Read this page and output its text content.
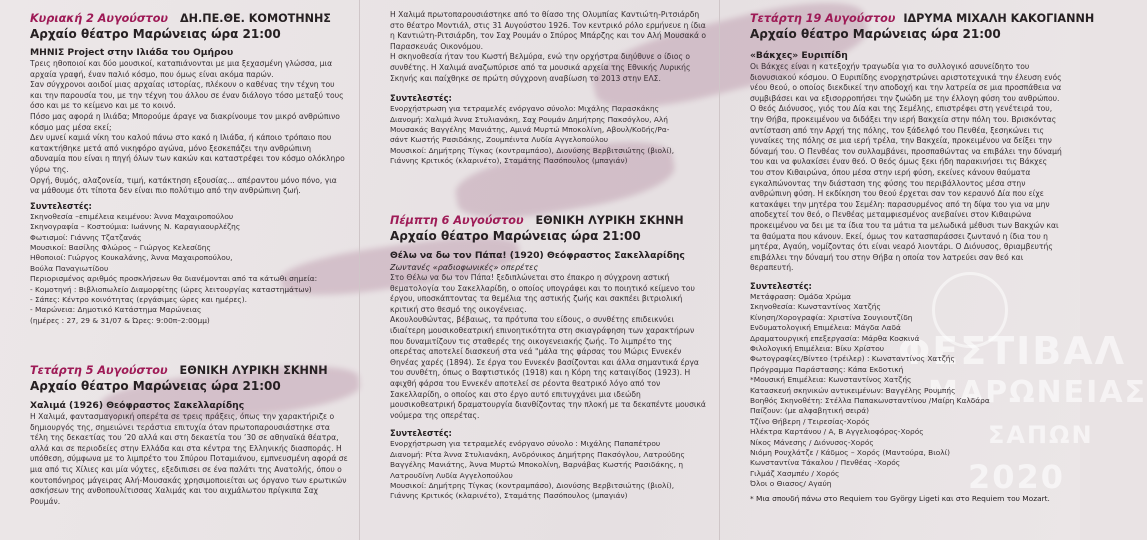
Κυριακή 2 Αυγούστου ΔΗ.ΠΕ.ΘΕ. ΚΟΜΟΤΗΝΗΣ
Αρχαίο θέατρο Μαρώνειας ώρα 21:00
ΜΗΝΙΣ Project στην Ιλιάδα του Ομήρου

Τρεις ηθοποιοί και δύο μουσικοί, καταπιάνονται με μια ξεχασμένη γλώσσα, μια αρχαία γραφή, έναν παλιό κόσμο, που όμως είναι ακόμα παρών.

Σαν σύγχρονοι αοιδοί μιας αρχαίας ιστορίας, πλέκουν ο καθένας την τέχνη του και την παρουσία του, με την τέχνη του άλλου σε έναν διάλογο τόσο μεταξύ τους όσο και με το κείμενο και με το κοινό.

Πόσο μας αφορά η Ιλιάδα; Μπορούμε άραγε να διακρίνουμε τον μικρό ανθρώπινο κόσμο μας μέσα εκεί;

Δεν υμνεί καμιά νίκη του καλού πάνω στο κακό η Ιλιάδα, ή κάποιο τρόπαιο που κατακτήθηκε μετά από νικηφόρο αγώνα, μόνο ξεσκεπάζει την ανθρώπινη αδυναμία που είναι η πηγή όλων των κακών και καταστρέφει τον κόσμο ολόκληρο γύρω της.

Οργή, θυμός, αλαζονεία, τιμή, κατάκτηση εξουσίας... απέραντου μόνο πόνο, για να μάθουμε ότι τίποτα δεν είναι πιο πολύτιμο από την ανθρώπινη ζωή.

Συντελεστές:
Σκηνοθεσία –επιμέλεια κειμένου: Άννα Μαχαιροπούλου
Σκηνογραφία – Κοστούμια: Ιωάννης Ν. Καραγιαουρλέζης
Φωτισμοί: Γιάννης Τζατζανάς
Μουσικοί: Βασίλης Φλώρος – Γιώργος Κελεσίδης
Ηθοποιοί: Γιώργος Κουκαλάνης, Άννα Μαχαιροπούλου,
Βούλα Παναγιωτίδου
Περιορισμένος αριθμός προσκλήσεων θα διανέμονται από τα κάτωθι σημεία:
- Κομοτηνή : Βιβλιοπωλείο Διαμορφίτης (ώρες λειτουργίας καταστημάτων)
- Σάπες: Κέντρο κοινότητας (εργάσιμες ώρες και ημέρες).
- Μαρώνεια: Δημοτικό Κατάστημα Μαρώνειας
(ημέρες : 27, 29 & 31/07 & Ώρες: 9:00π–2:00μμ)
Τετάρτη 5 Αυγούστου ΕΘΝΙΚΗ ΛΥΡΙΚΗ ΣΚΗΝΗ
Αρχαίο θέατρο Μαρώνειας ώρα 21:00
Χαλιμά (1926) Θεόφραστος Σακελλαρίδης

Η Χαλιμά, φαντασμαγορική οπερέτα σε τρεις πράξεις, όπως την χαρακτήριζε ο δημιουργός της, σημειώνει τεράστια επιτυχία όταν πρωτοπαρουσιάστηκε στα τέλη της δεκαετίας του ’20 αλλά και στη δεκαετία του ’30 σε αθηναϊκά θέατρα, αλλά και σε περιοδείες στην Ελλάδα και στα κέντρα της Ελληνικής διασποράς. Η υπόθεση, σύμφωνα με το λιμπρέτο του Σπύρου Ποταμιάνου, εμπνευσμένη αφορά σε μια από τις Χίλιες και μία νύχτες, εξεδιπισει σε ένα παλάτι της Ανατολής, όπου ο κουτοπόνηρος μάγειρας Αλή-Μουσακάς χρησιμοποιείται ως όργανο των ερωτικών ασκήσεων της ανθοπουλίτισσας Χαλιμάς και του αιχμάλωτου πρίγκιπα Σαχ Ρουμάν.

Η Χαλιμά πρωτοπαρουσιάστηκε από το θίασο της Ολυμπίας Καντιώτη-Ριτσιάρδη στο θέατρο Μοντιάλ, στις 31 Αυγούστου 1926. Τον κεντρικό ρόλο ερμήνευε η ίδια η Καντιώτη-Ριτσιάρδη, τον Σαχ Ρουμάν ο Σπύρος Μπάρζης και τον Αλή Μουσακά ο Παρασκευάς Οικονόμου.

Η σκηνοθεσία ήταν του Κωστή Βελμύρα, ενώ την ορχήστρα διηύθυνε ο ίδιος ο συνθέτης. Η Χαλιμά αναζωπύρισε από τα μουσικά αρχεία της Εθνικής Λυρικής Σκηνής και παίχθηκε σε πρώτη σύγχρονη αναβίωση το 2013 στην ΕΛΣ.

Συντελεστές:
Ενορχήστρωση για τετραμελές ενόργανο σύνολο: Μιχάλης Παρασκάκης
Διανομή: Χαλιμά Άννα Στυλιανάκη, Σαχ Ρουμάν Δημήτρης Πακσόγλου, Αλή
Μουσακάς Βαγγέλης Μανιάτης, Αμινά Μυρτώ Μποκολίνη, Αβουλ/Κοδής/Ρα-
σάντ Κωστής Ρασιδάκης, Ζουμπέιντα Λυδία Αγγελοπούλου
Μουσικοί: Δημήτρης Τίγκας (κοντραμπάσο), Διονύσης Βερβιτσιώτης (βιολί),
Γιάννης Κριτικός (κλαρινέτο), Σταμάτης Πασόπουλος (μπαγιάν)
Πέμπτη 6 Αυγούστου ΕΘΝΙΚΗ ΛΥΡΙΚΗ ΣΚΗΝΗ
Αρχαίο θέατρο Μαρώνειας ώρα 21:00
Θέλω να δω τον Πάπα! (1920) Θεόφραστος Σακελλαρίδης
Ζωντανές «ραδιοφωνικές» οπερέτες

Στο Θέλω να δω τον Πάπα! ξεδιπλώνεται στο έπακρο η σύγχρονη αστική θεματολογία του Σακελλαρίδη, ο οποίος υπογράφει και το ποιητικό κείμενο του έργου, υποσκάπτοντας τα θεμέλια της αστικής ζωής και σακπέει βιτριολική κριτική στο θεσμό της οικογένειας.

Ακουλουθώντας, βέβαιως, τα πρότυπα του είδους, ο συνθέτης επιδεικνύει ιδιαίτερη μουσικοθεατρική επινοητικότητα στη σκιαγράφηση των χαρακτήρων που δυναμιτίζουν τις σταθερές της οικογενειακής ζωής. Το λιμπρέτο της οπερέτας αποτελεί διασκευή στα νεά "μάλα της φάρσας του Μώρις Εννεκέν Θηνέας χαρές (1894). Σε έργα του Εννεκέν βασίζονται και άλλα σημαντικά έργα του συνθέτη, όπως ο Βαφτιστικός (1918) και η Κόρη της καταιγίδος (1923). Η αφιχθή φάρσα του Εννεκέν αποτελεί σε ρέοντα θεατρικό λόγο από τον Σακελλαρίδη, ο οποίος και στο έργο αυτό επιτυγχάνει μια ιδεώδη μουσικοθεατρική δραματουργία διανθίζοντας την πλοκή με τα δεκαπέντε μουσικά νούμερα της οπερέτας.

Συντελεστές:
Ενορχήστρωση για τετραμελές ενόργανο σύνολο : Μιχάλης Παπαπέτρου
Διανομή: Ρίτα Άννα Στυλιανάκη, Ανδρόνικος Δημήτρης Πακσόγλου, Λατρούδης
Βαγγέλης Μανιάτης, Άννα Μυρτώ Μποκολίνη, Βαρνάβας Κωστής Ρασιδάκης, η
Λατρουδίνη Λυδία Αγγελοπούλου
Μουσικοί: Δημήτρης Τίγκας (κοντραμπάσο), Διονύσης Βερβιτσιώτης (βιολί),
Γιάννης Κριτικός (κλαρινέτο), Σταμάτης Πασόπουλος (μπαγιάν)
ΦΕΣΤΙΒΑΛ
ΜΑΡΩΝΕΙΑΣ
ΣΑΠΩΝ
2020
Τετάρτη 19 Αυγούστου ΙΔΡΥΜΑ ΜΙΧΑΛΗ ΚΑΚΟΓΙΑΝΝΗ
Αρχαίο θέατρο Μαρώνειας ώρα 21:00
«Βάκχες» Ευριπίδη
Οι Βάκχες είναι η κατεξοχήν τραγωδία για το συλλογικό ασυνείδητο του διονυσιακού κόσμου. Ο Ευριπίδης ενορχηστρώνει αριστοτεχνικά την έλευση ενός νέου θεού, ο οποίος διεκδικεί την αποδοχή και την λατρεία σε μια προσπάθεια να συμβιβάσει και να εξισορροπήσει την ζωώδη με την έλλογη φύση του ανθρώπου. Ο θεός Διόνυσος, γιός του Δία και της Σεμέλης, επιστρέφει στη γενέτειρά του, την Θήβα, προκειμένου να διδάξει την ιερή Βακχεία στην πόλη του. Βρισκόντας αντίσταση από την Αρχή της πόλης, τον ξάδελφό του Πενθέα, ξεσηκώνει τις γυναίκες της πόλης σε μια ιερή τρέλα, την Βακχεία, προκειμένου να δείξει την δύναμή του. Ο Πενθέας τον συλλαμβάνει, προσπαθώντας να επιβάλει την δύναμή του και να φυλακίσει έναν θεό. Ο θεός όμως ξεκι ήδη παρακινήσει τις Βάκχες του στον Κιθαιρώνα, όπου μέσα στην ιερή φύση, εκείνες κάνουν θαύματα εγκαλπώνοντας την διάσταση της φύσης του περιβάλλοντος μέσα στην ανθρώπινη φύση. Η εκδίκηση του θεού έρχεται σαν τον κεραυνό Δία που είχε κατακάψει την μητέρα του Σεμέλη: παρασυρμένος από τη δίψα του για να μην αποδεχτεί τον θεό, ο Πενθέας μεταμφιεσμένος ανεβαίνει στον Κιθαιρώνα προκειμένου να δει με τα ίδια του τα μάτια τα μελωδικά μέθυσι των Βακχών και τα θαύματα που κάνουν. Εκεί, όμως τον κατασπαράσσει ζωντανό η ίδια του η μητέρα, Αγαύη, νομίζοντας ότι είναι νεαρό λιοντάρι. Ο Διόνυσος, θριαμβευτής επιβάλλει την δύναμή του στην Θήβα η οποία τον λατρεύει σαν θεό και θεραπευτή.
Συντελεστές:
Μετάφραση: Ομάδα Χρώμα
Σκηνοθεσία: Κωνσταντίνος Χατζής
Κίνηση/Χορογραφία: Χριστίνα Σουγιουτζίδη
Ενδυματολογική Επιμέλεια: Μάγδα Λαδά
Δραματουργική επεξεργασία: Μάρθα Κοσκινά
Φιλολογική Επιμέλεια: Βίκυ Χρίστου
Φωτογραφίες/Βίντεο (τρέιλερ) : Κωνσταντίνος Χατζής
Πρόγραμμα Παράστασης: Κάπα Εκδοτική
*Μουσική Επιμέλεια: Κωνσταντίνος Χατζής
Κατασκευή σκηνικών αντικειμένων: Βαγγέλης Ρουμπής
Βοηθός Σκηνοθέτη: Στέλλα Παπακωνσταντίνου /Μαίρη Καλδάρα
Παίζουν: (με αλφαβητική σειρά)
Τζίνο Θήβερη / Τειρεσίας-Χορός
Ηλέκτρα Καρτάνου / Α, Β Αγγελιοφόρος-Χορός
Νίκος Μάνεσης / Διόνυσος-Χορός
Νιόμη Ρουχλάτζε / Κάδμος – Χορός (Μαντούρα, Βιολί)
Κωνσταντίνα Τάκαλου / Πενθέας -Χορός
Γιλμάζ Χασμπέυ / Χορός
Όλοι ο Θιασος/ Αγαύη
* Μια σπουδή πάνω στο Requiem του György Ligeti και στο Requiem του Mozart.
